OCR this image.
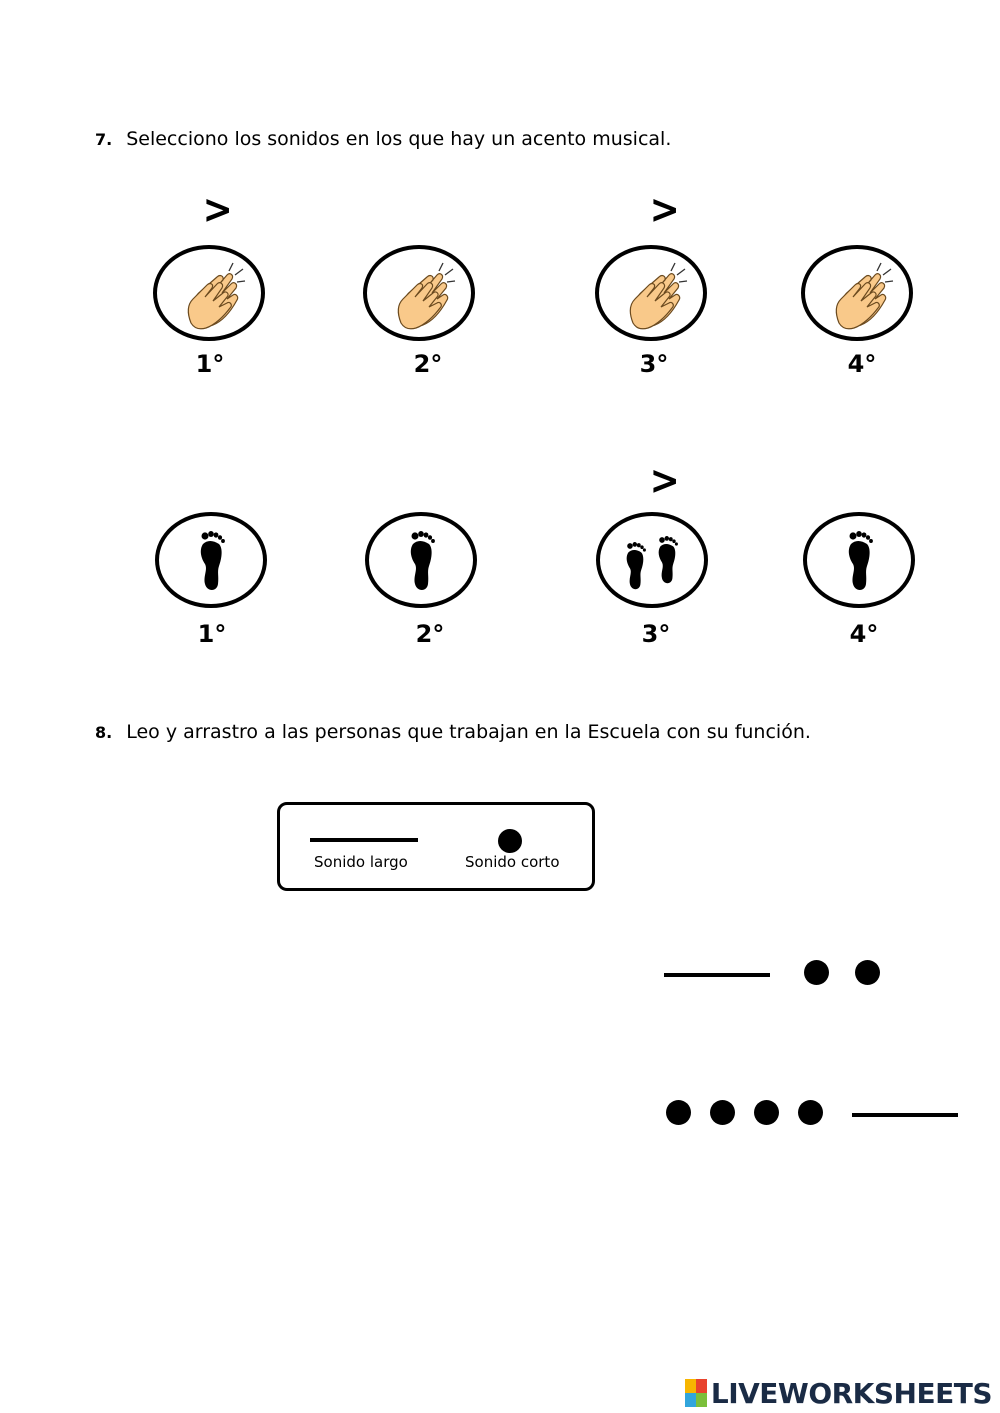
7. Selecciono los sonidos en los que hay un acento musical.
>	>
1°	2°	3°	4°
>
1°	2°	3°	4°
8. Leo y arrastro a las personas que trabajan en la Escuela con su función.
Sonido largo	Sonido corto
LIVEWORKSHEETS
